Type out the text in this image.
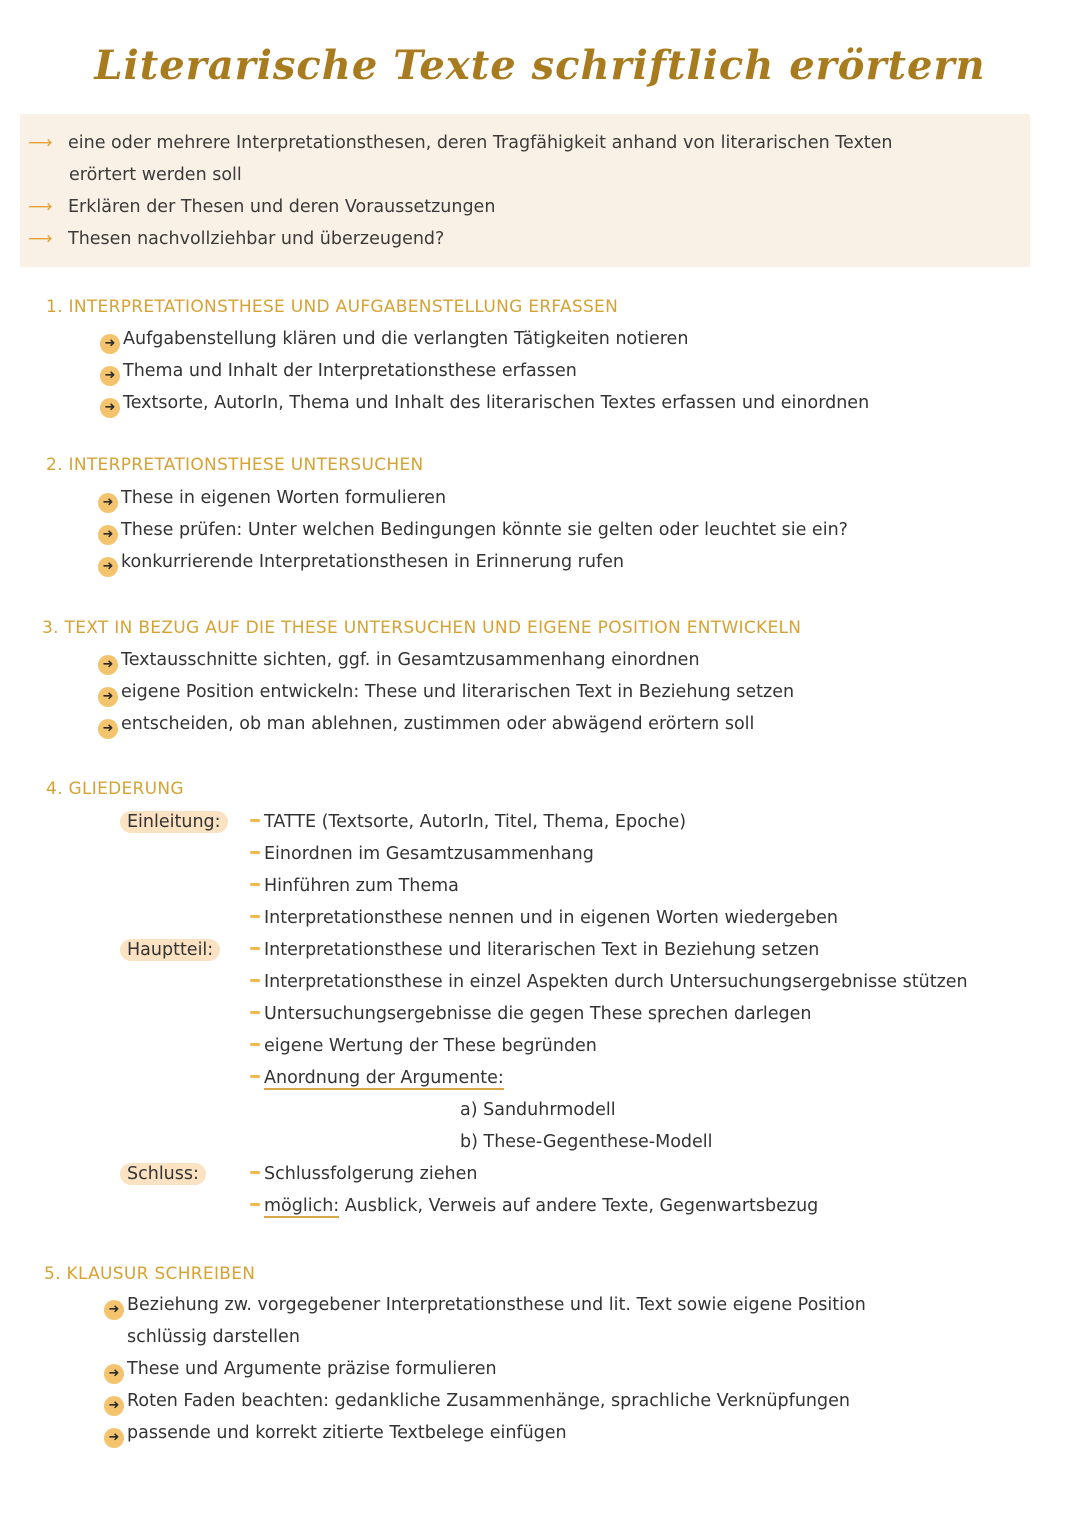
Literarische Texte schriftlich erörtern
⟶ eine oder mehrere Interpretationsthesen, deren Tragfähigkeit anhand von literarischen Texten
erörtert werden soll
⟶ Erklären der Thesen und deren Voraussetzungen
⟶ Thesen nachvollziehbar und überzeugend?
1. INTERPRETATIONSTHESE UND AUFGABENSTELLUNG ERFASSEN
➜ Aufgabenstellung klären und die verlangten Tätigkeiten notieren
➜ Thema und Inhalt der Interpretationsthese erfassen
➜ Textsorte, AutorIn, Thema und Inhalt des literarischen Textes erfassen und einordnen
2. INTERPRETATIONSTHESE UNTERSUCHEN
➜ These in eigenen Worten formulieren
➜ These prüfen: Unter welchen Bedingungen könnte sie gelten oder leuchtet sie ein?
➜ konkurrierende Interpretationsthesen in Erinnerung rufen
3. TEXT IN BEZUG AUF DIE THESE UNTERSUCHEN UND EIGENE POSITION ENTWICKELN
➜ Textausschnitte sichten, ggf. in Gesamtzusammenhang einordnen
➜ eigene Position entwickeln: These und literarischen Text in Beziehung setzen
➜ entscheiden, ob man ablehnen, zustimmen oder abwägend erörtern soll
4. GLIEDERUNG
Einleitung:	TATTE (Textsorte, AutorIn, Titel, Thema, Epoche)
Einordnen im Gesamtzusammenhang
Hinführen zum Thema
Interpretationsthese nennen und in eigenen Worten wiedergeben
Hauptteil:	Interpretationsthese und literarischen Text in Beziehung setzen
Interpretationsthese in einzel Aspekten durch Untersuchungsergebnisse stützen
Untersuchungsergebnisse die gegen These sprechen darlegen
eigene Wertung der These begründen
Anordnung der Argumente:
a) Sanduhrmodell
b) These-Gegenthese-Modell
Schluss:	Schlussfolgerung ziehen
möglich: Ausblick, Verweis auf andere Texte, Gegenwartsbezug
5. KLAUSUR SCHREIBEN
➜ Beziehung zw. vorgegebener Interpretationsthese und lit. Text sowie eigene Position
schlüssig darstellen
➜ These und Argumente präzise formulieren
➜ Roten Faden beachten: gedankliche Zusammenhänge, sprachliche Verknüpfungen
➜ passende und korrekt zitierte Textbelege einfügen
